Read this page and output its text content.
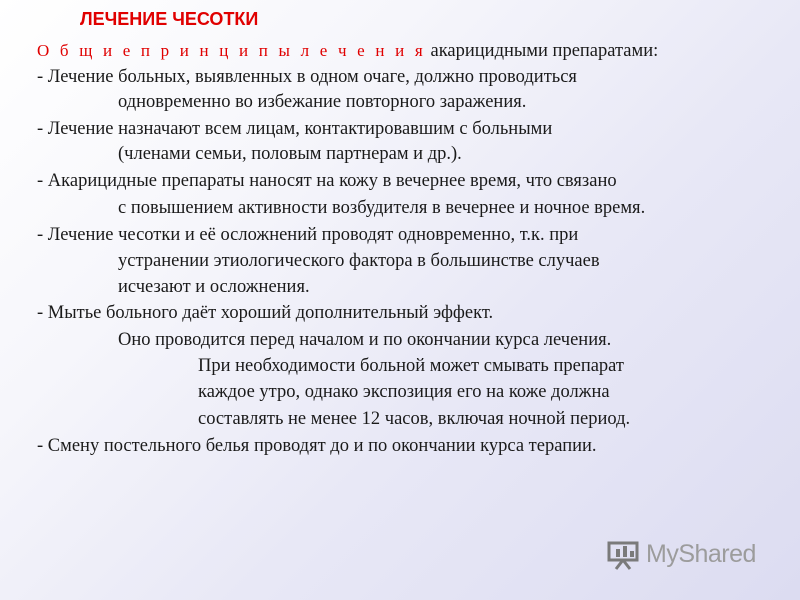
ЛЕЧЕНИЕ ЧЕСОТКИ
О б щ и е п р и н ц и п ы л е ч е н и я акарицидными препаратами:
- Лечение больных, выявленных в одном очаге, должно проводиться
одновременно во избежание повторного заражения.
- Лечение назначают всем лицам, контактировавшим с больными
(членами семьи, половым партнерам и др.).
- Акарицидные препараты наносят на кожу в вечернее время, что связано
с повышением активности возбудителя в вечернее и ночное время.
- Лечение чесотки и её осложнений проводят одновременно, т.к. при
устранении этиологического фактора в большинстве случаев
исчезают и осложнения.
- Мытье больного даёт хороший дополнительный эффект.
Оно проводится перед началом и по окончании курса лечения.
При необходимости больной может смывать препарат
каждое утро, однако экспозиция его на коже должна
составлять не менее 12 часов, включая ночной период.
- Смену постельного белья проводят до и по окончании курса терапии.
MyShared
